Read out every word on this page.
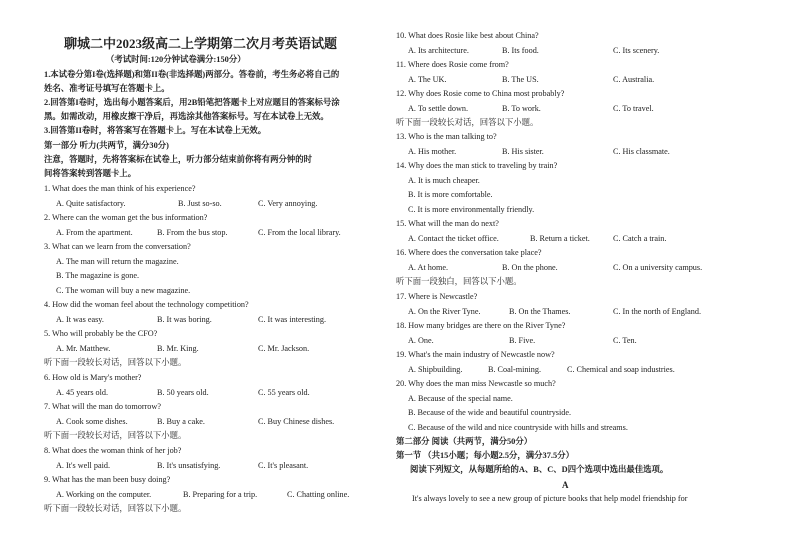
聊城二中2023级高二上学期第二次月考英语试题
（考试时间:120分钟试卷满分:150分）
1.本试卷分第I卷(选择题)和第II卷(非选择题)两部分。答卷前，考生务必将自己的
姓名、准考证号填写在答题卡上。
2.回答第I卷时，选出每小题答案后，用2B铅笔把答题卡上对应题目的答案标号涂
黑。如需改动，用橡皮擦干净后，再选涂其他答案标号。写在本试卷上无效。
3.回答第II卷时，将答案写在答题卡上。写在本试卷上无效。
第一部分 听力(共两节，满分30分)
注意，答题时，先将答案标在试卷上，听力部分结束前你将有两分钟的时
间将答案转到答题卡上。
1. What does the man think of his experience?
A. Quite satisfactory.	B. Just so-so.	C. Very annoying.
2. Where can the woman get the bus information?
A. From the apartment.	B. From the bus stop.	C. From the local library.
3. What can we learn from the conversation?
A. The man will return the magazine.
B. The magazine is gone.
C. The woman will buy a new magazine.
4. How did the woman feel about the technology competition?
A. It was easy.	B. It was boring.	C. It was interesting.
5. Who will probably be the CFO?
A. Mr. Matthew.	B. Mr. King.	C. Mr. Jackson.
听下面一段较长对话，回答以下小题。
6. How old is Mary's mother?
A. 45 years old.	B. 50 years old.	C. 55 years old.
7. What will the man do tomorrow?
A. Cook some dishes.	B. Buy a cake.	C. Buy Chinese dishes.
听下面一段较长对话，回答以下小题。
8. What does the woman think of her job?
A. It's well paid.	B. It's unsatisfying.	C. It's pleasant.
9. What has the man been busy doing?
A. Working on the computer.	B. Preparing for a trip.	C. Chatting online.
听下面一段较长对话，回答以下小题。
10. What does Rosie like best about China?
A. Its architecture.	B. Its food.	C. Its scenery.
11. Where does Rosie come from?
A. The UK.	B. The US.	C. Australia.
12. Why does Rosie come to China most probably?
A. To settle down.	B. To work.	C. To travel.
听下面一段较长对话，回答以下小题。
13. Who is the man talking to?
A. His mother.	B. His sister.	C. His classmate.
14. Why does the man stick to traveling by train?
A. It is much cheaper.
B. It is more comfortable.
C. It is more environmentally friendly.
15. What will the man do next?
A. Contact the ticket office.	B. Return a ticket.	C. Catch a train.
16. Where does the conversation take place?
A. At home.	B. On the phone.	C. On a university campus.
听下面一段独白，回答以下小题。
17. Where is Newcastle?
A. On the River Tyne.	B. On the Thames.	C. In the north of England.
18. How many bridges are there on the River Tyne?
A. One.	B. Five.	C. Ten.
19. What's the main industry of Newcastle now?
A. Shipbuilding.	B. Coal-mining.	C. Chemical and soap industries.
20. Why does the man miss Newcastle so much?
A. Because of the special name.
B. Because of the wide and beautiful countryside.
C. Because of the wild and nice countryside with hills and streams.
第二部分 阅读（共两节，满分50分）
第一节 （共15小题；每小题2.5分，满分37.5分）
阅读下列短文，从每题所给的A、B、C、D四个选项中选出最佳选项。
A
It's always lovely to see a new group of picture books that help model friendship for
